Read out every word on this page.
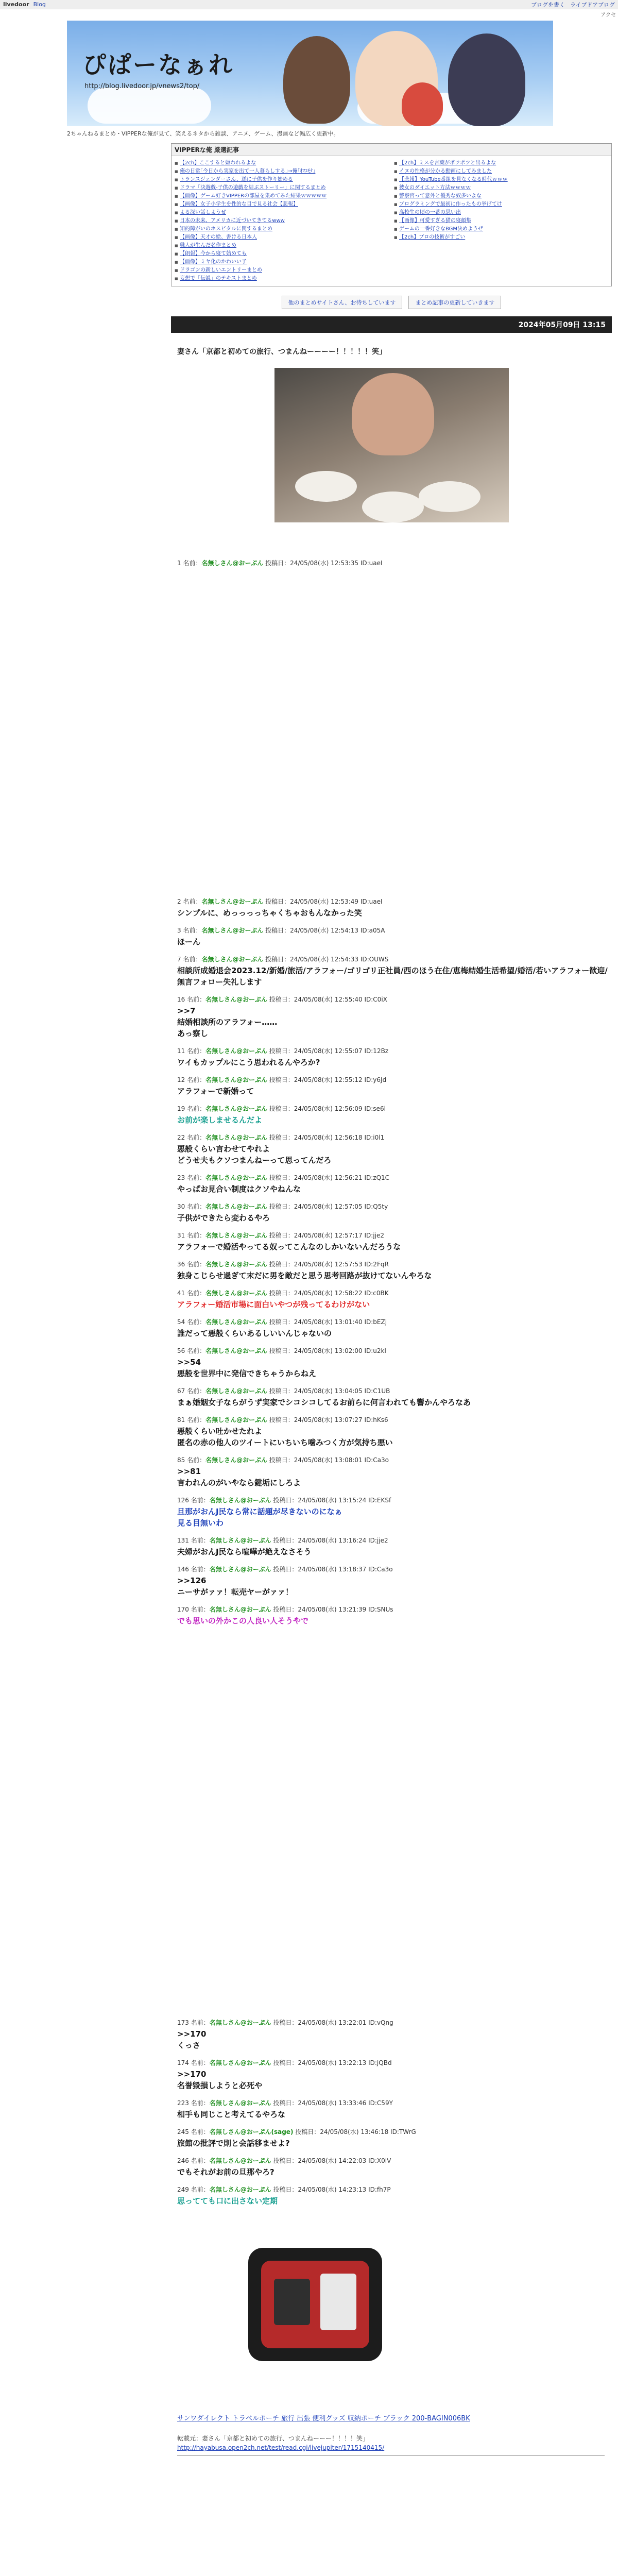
livedoor Blog	ブログを書く ライブドアブログ
アクセ
ぴぱーなぁれ
http://blog.livedoor.jp/vnews2/top/
2ちゃんねるまとめ・VIPPERな俺が見て、笑えるネタから雑談、アニメ、ゲーム、漫画など幅広く更新中。
VIPPERな俺 厳選記事
■ 【2ch】ここすると嫌われるよな
■ 俺の日常｢今日から実家を出て一人暮らしする｣→俺｢ｵﾏｴﾓﾅ｣
■ トランスジェンダーさん、遂に子供を作り始める
■ ドラマ「決遊戯-子供の遊戯を結ぶストーリー」に関するまとめ
■ 【画像】ゲーム好きVIPPERの部屋を集めてみた結果ｗｗｗｗｗ
■ 【画像】女子小学生を性的な目で見る社会【悲報】
■ よる深い話しようぜ
■ 日本の未来、アメリカに近づいてきてるwww
■ 知的障がいのホスピタルに関するまとめ
■ 【画像】天才の絵、書ける日本人
■ 職人が生んだ名作まとめ
■ 【朗報】今から寝て始めても
■ 【画像】ミヤ化のかわいい子
■ ドラゴンの新しいエントリーまとめ
■ 妄想で「伝説」のテキストまとめ
■ 【2ch】ミスを言葉がポツポツと出るよな
■ イヌの性格が分かる動画にしてみました
■ 【悲報】YouTube番組を見なくなる時代ｗｗｗ
■ 彼女のダイエット方法ｗｗｗｗ
■ 警察官って意外と優秀な奴多いよな
■ プログラミングで最初に作ったもの挙げてけ
■ 高校生の頃の一番の思い出
■ 【画像】可愛すぎる猫の寝顔集
■ ゲームの一番好きなBGM決めようぜ
■ 【2ch】プロの技術がすごい
他のまとめサイトさん、お待ちしています	まとめ記事の更新していきます
2024年05月09日 13:15
妻さん「京都と初めての旅行、つまんねーーーー！！！！！笑」
1 名前：名無しさん@おーぷん 投稿日：24/05/08(水) 12:53:35 ID:uaeI
2 名前：名無しさん@おーぷん 投稿日：24/05/08(水) 12:53:49 ID:uaeI
シンプルに、めっっっっちゃくちゃおもんなかった笑
3 名前：名無しさん@おーぷん 投稿日：24/05/08(水) 12:54:13 ID:a05A
ほーん
7 名前：名無しさん@おーぷん 投稿日：24/05/08(水) 12:54:33 ID:OUWS
相談所成婚退会2023.12/新婚/旅活/アラフォー/ゴリゴリ正社員/西のほう在住/恵梅結婚生活希望/婚活/若いアラフォー歓迎/無言フォロー失礼します
16 名前：名無しさん@おーぷん 投稿日：24/05/08(水) 12:55:40 ID:C0iX
>>7
結婚相談所のアラフォー……
あっ察し
11 名前：名無しさん@おーぷん 投稿日：24/05/08(水) 12:55:07 ID:12Bz
ワイもカップルにこう思われるんやろか?
12 名前：名無しさん@おーぷん 投稿日：24/05/08(水) 12:55:12 ID:y6Jd
アラフォーで新婚って
19 名前：名無しさん@おーぷん 投稿日：24/05/08(水) 12:56:09 ID:se6l
お前が楽しませるんだよ
22 名前：名無しさん@おーぷん 投稿日：24/05/08(水) 12:56:18 ID:i0l1
悪般くらい言わせてやれよ
どうせ夫もクソつまんねーって思ってんだろ
23 名前：名無しさん@おーぷん 投稿日：24/05/08(水) 12:56:21 ID:zQ1C
やっぱお見合い制度はクソやねんな
30 名前：名無しさん@おーぷん 投稿日：24/05/08(水) 12:57:05 ID:Q5ty
子供ができたら変わるやろ
31 名前：名無しさん@おーぷん 投稿日：24/05/08(水) 12:57:17 ID:jje2
アラフォーで婚活やってる奴ってこんなのしかいないんだろうな
36 名前：名無しさん@おーぷん 投稿日：24/05/08(水) 12:57:53 ID:2FqR
独身こじらせ過ぎて末だに男を敵だと思う思考回路が抜けてないんやろな
41 名前：名無しさん@おーぷん 投稿日：24/05/08(水) 12:58:22 ID:c0BK
アラフォー婚活市場に面白いやつが残ってるわけがない
54 名前：名無しさん@おーぷん 投稿日：24/05/08(水) 13:01:40 ID:bEZj
誰だって悪般くらいあるしいいんじゃないの
56 名前：名無しさん@おーぷん 投稿日：24/05/08(水) 13:02:00 ID:u2kl
>>54
悪般を世界中に発信できちゃうからねえ
67 名前：名無しさん@おーぷん 投稿日：24/05/08(水) 13:04:05 ID:C1UB
まぁ婚姻女子ならがうず実家でシコシコしてるお前らに何言われても響かんやろなあ
81 名前：名無しさん@おーぷん 投稿日：24/05/08(水) 13:07:27 ID:hKs6
悪般くらい吐かせたれよ
匿名の赤の他人のツイートにいちいち噛みつく方が気持ち悪い
85 名前：名無しさん@おーぷん 投稿日：24/05/08(水) 13:08:01 ID:Ca3o
>>81
言われんのがいやなら鍵垢にしろよ
126 名前：名無しさん@おーぷん 投稿日：24/05/08(水) 13:15:24 ID:EKSf
旦那がおんJ民なら常に話題が尽きないのになぁ
見る目無いわ
131 名前：名無しさん@おーぷん 投稿日：24/05/08(水) 13:16:24 ID:jje2
夫婦がおんJ民なら喧嘩が絶えなさそう
146 名前：名無しさん@おーぷん 投稿日：24/05/08(水) 13:18:37 ID:Ca3o
>>126
ニーサがァァ！転売ヤーがァァ！
170 名前：名無しさん@おーぷん 投稿日：24/05/08(水) 13:21:39 ID:SNUs
でも思いの外かこの人良い人そうやで
173 名前：名無しさん@おーぷん 投稿日：24/05/08(水) 13:22:01 ID:vQng
>>170
くっさ
174 名前：名無しさん@おーぷん 投稿日：24/05/08(水) 13:22:13 ID:jQBd
>>170
名誉毀損しようと必死や
223 名前：名無しさん@おーぷん 投稿日：24/05/08(水) 13:33:46 ID:C59Y
相手も同じこと考えてるやろな
245 名前：名無しさん@おーぷん(sage) 投稿日：24/05/08(水) 13:46:18 ID:TWrG
旅館の批評で則と会話移ませよ?
246 名前：名無しさん@おーぷん 投稿日：24/05/08(水) 14:22:03 ID:X0iV
でもそれがお前の旦那やろ?
249 名前：名無しさん@おーぷん 投稿日：24/05/08(水) 14:23:13 ID:fh7P
思ってても口に出さない定期
サンワダイレクト トラベルポーチ 旅行 出張 便利グッズ 収納ポーチ ブラック 200-BAGIN006BK
転載元：妻さん「京都と初めての旅行、つまんねーーー！！！！笑」
http://hayabusa.open2ch.net/test/read.cgi/livejupiter/1715140415/
